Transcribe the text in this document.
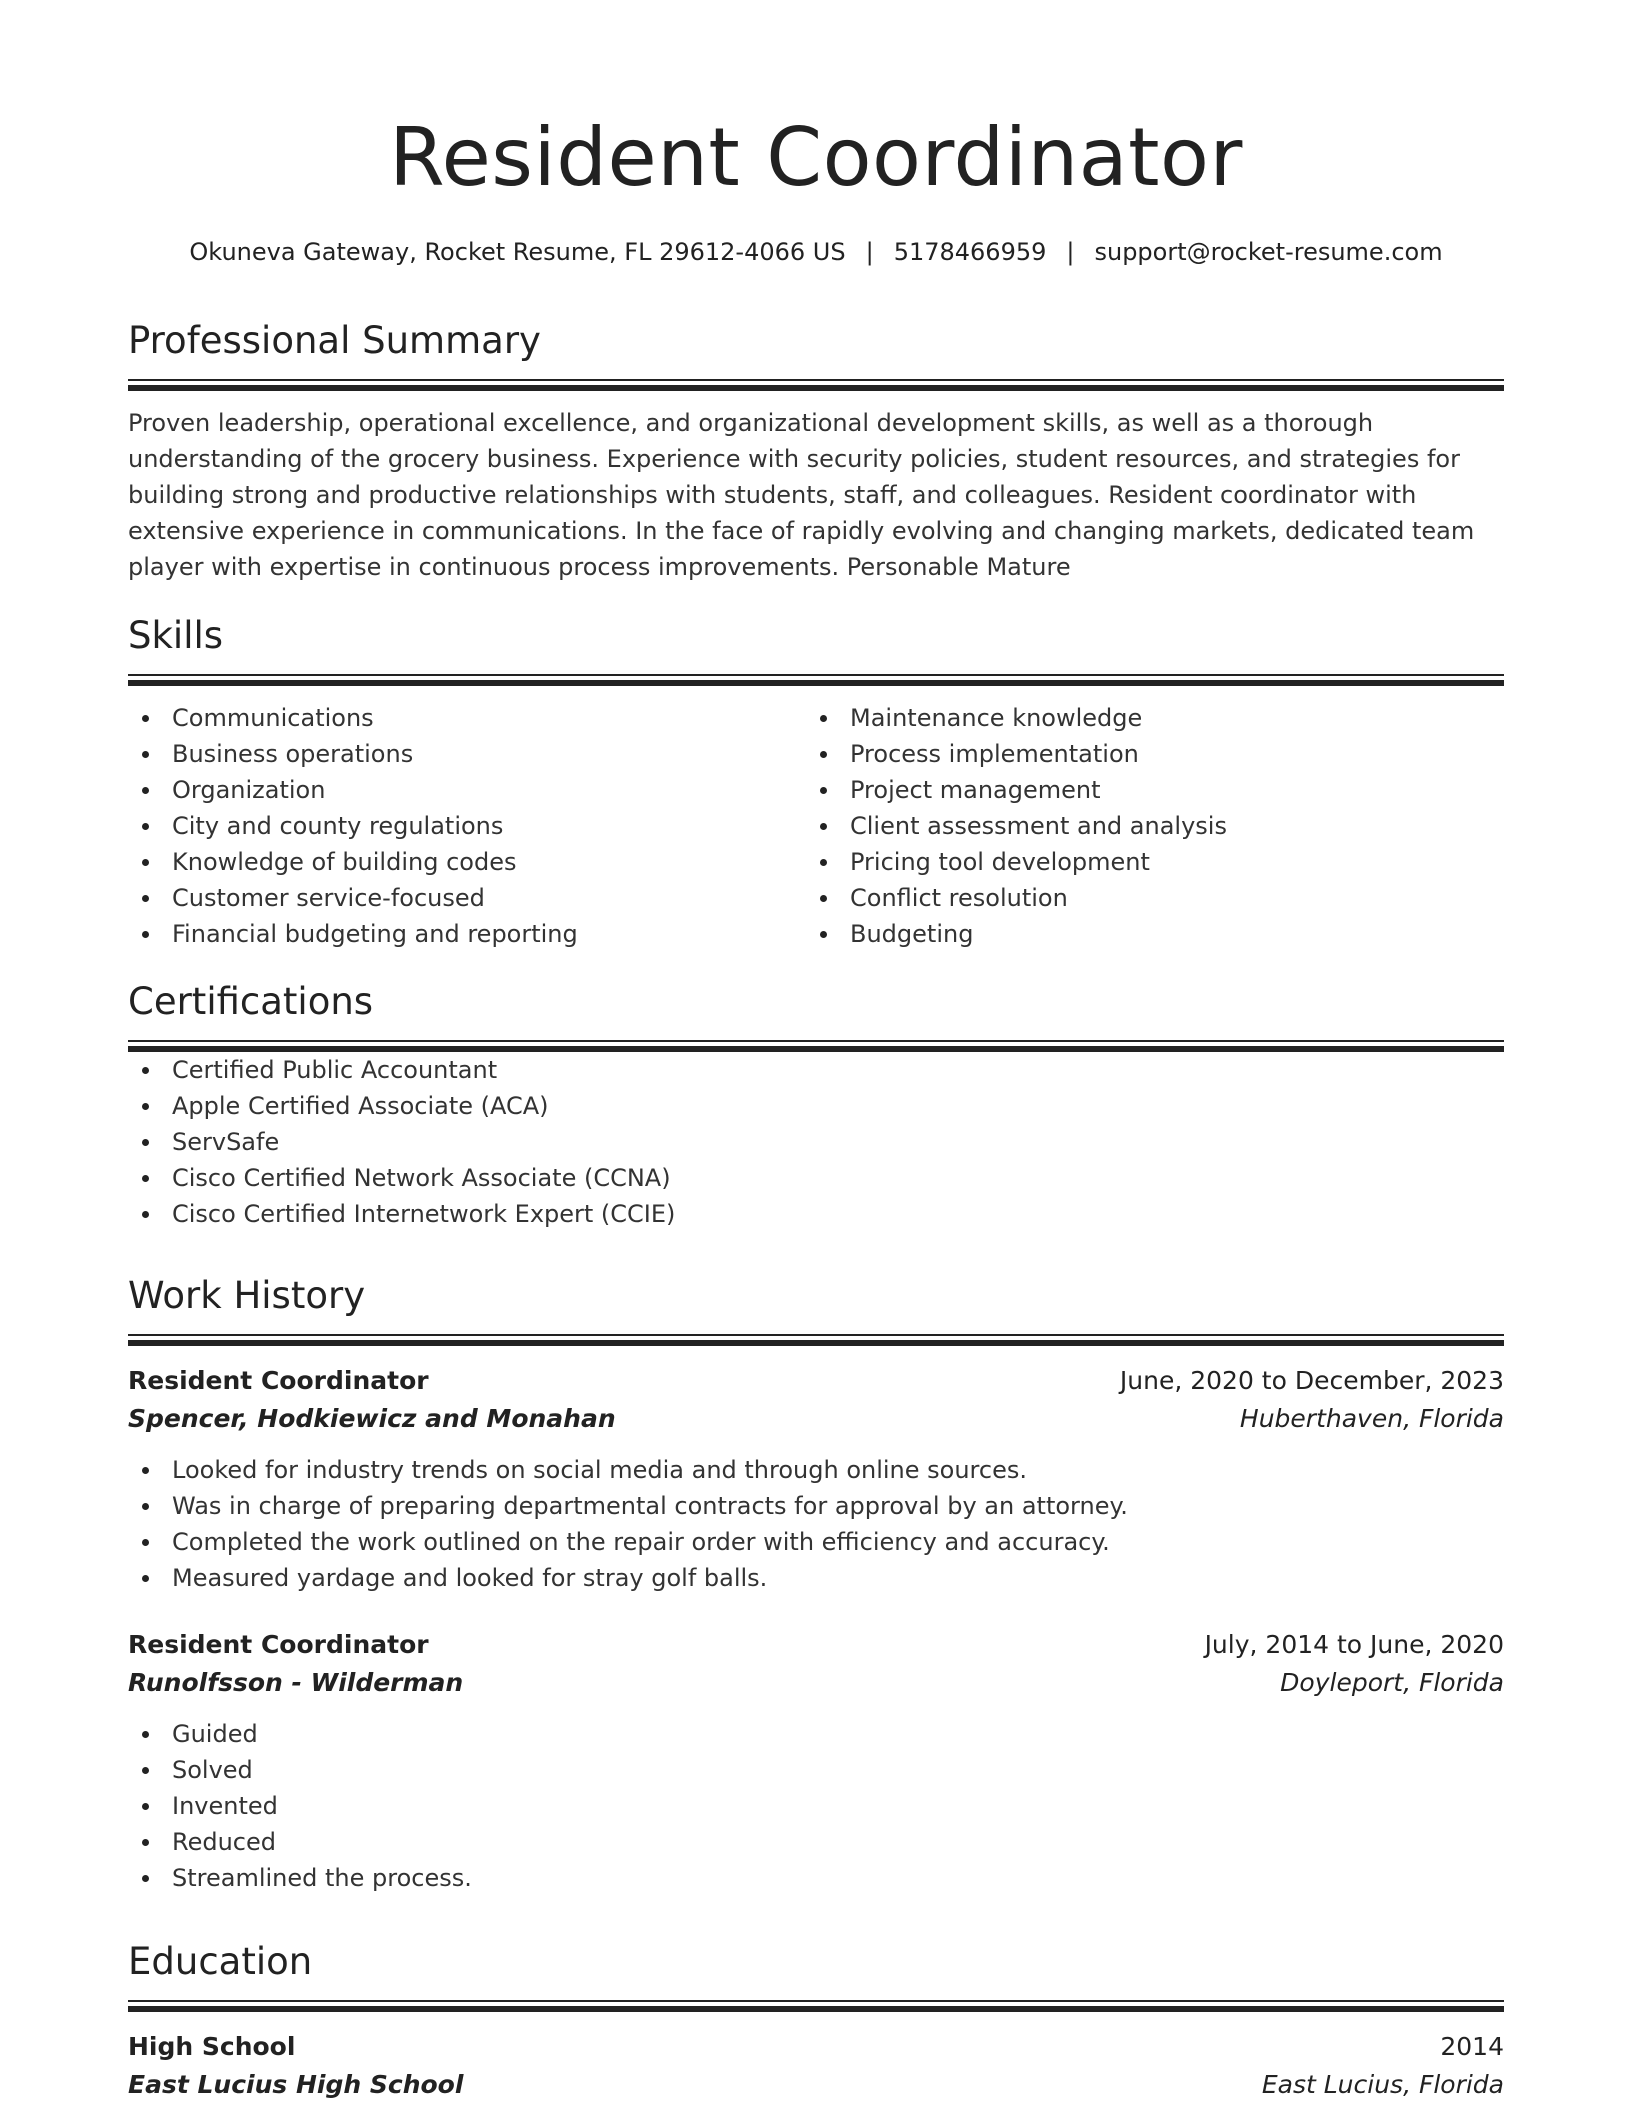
Resident Coordinator
Okuneva Gateway, Rocket Resume, FL 29612-4066 US | 5178466959 | support@rocket-resume.com
Professional Summary
Proven leadership, operational excellence, and organizational development skills, as well as a thorough understanding of the grocery business. Experience with security policies, student resources, and strategies for building strong and productive relationships with students, staff, and colleagues. Resident coordinator with extensive experience in communications. In the face of rapidly evolving and changing markets, dedicated team player with expertise in continuous process improvements. Personable Mature
Skills
Communications
Business operations
Organization
City and county regulations
Knowledge of building codes
Customer service-focused
Financial budgeting and reporting
Maintenance knowledge
Process implementation
Project management
Client assessment and analysis
Pricing tool development
Conflict resolution
Budgeting
Certifications
Certified Public Accountant
Apple Certified Associate (ACA)
ServSafe
Cisco Certified Network Associate (CCNA)
Cisco Certified Internetwork Expert (CCIE)
Work History
Resident Coordinator	June, 2020 to December, 2023
Spencer, Hodkiewicz and Monahan	Huberthaven, Florida
Looked for industry trends on social media and through online sources.
Was in charge of preparing departmental contracts for approval by an attorney.
Completed the work outlined on the repair order with efficiency and accuracy.
Measured yardage and looked for stray golf balls.
Resident Coordinator	July, 2014 to June, 2020
Runolfsson - Wilderman	Doyleport, Florida
Guided
Solved
Invented
Reduced
Streamlined the process.
Education
High School	2014
East Lucius High School	East Lucius, Florida
